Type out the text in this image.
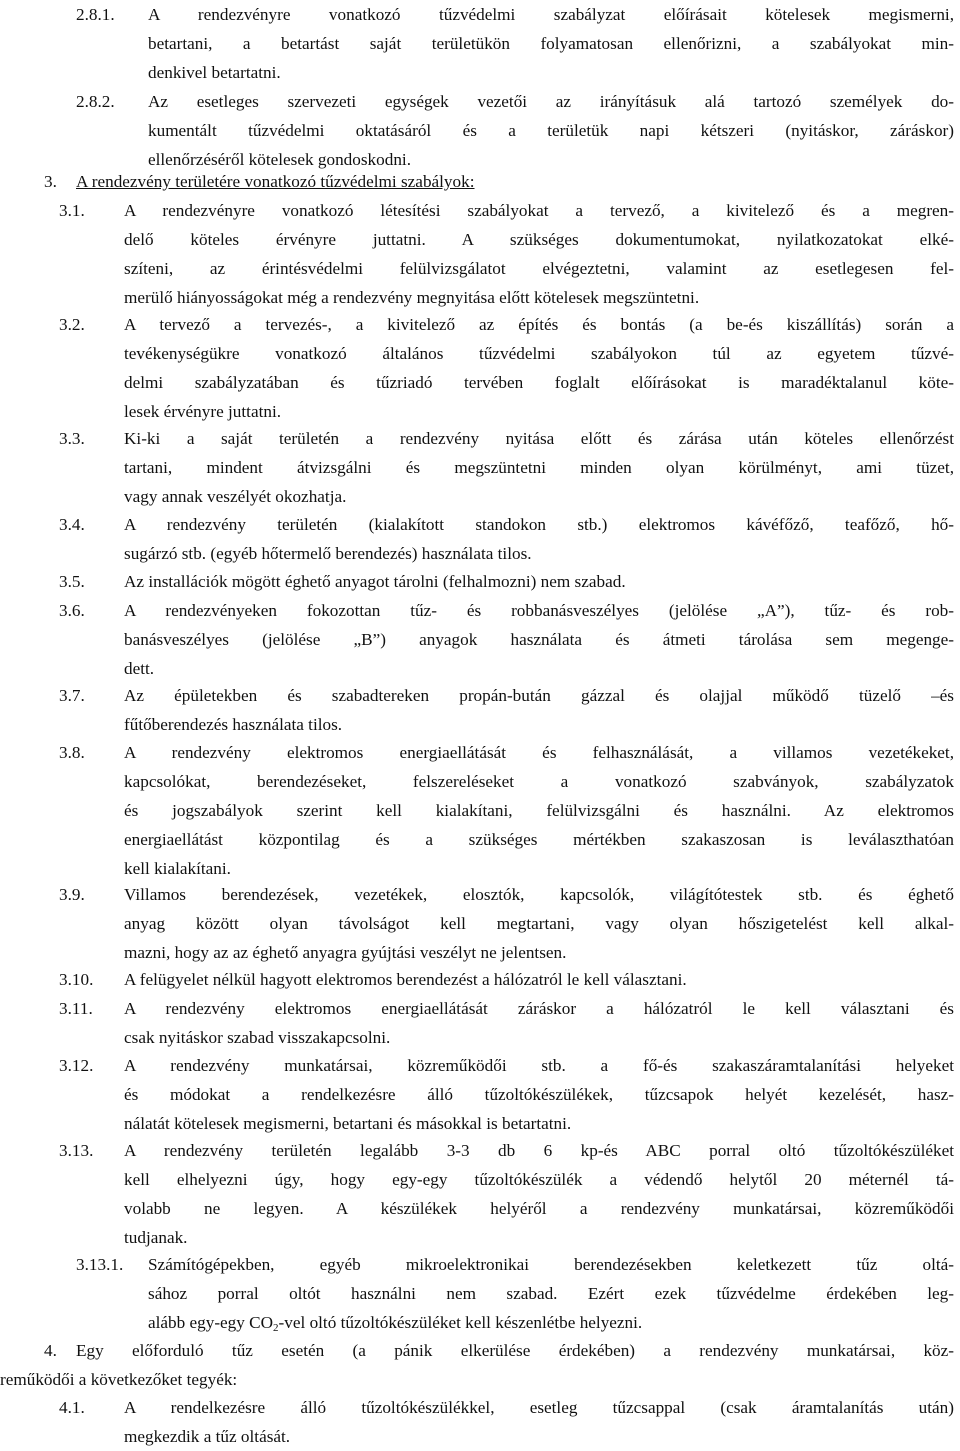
2.8.1. A rendezvényre vonatkozó tűzvédelmi szabályzat előírásait kötelesek megismerni,
betartani, a betartást saját területükön folyamatosan ellenőrizni, a szabályokat min-
denkivel betartatni.
2.8.2. Az esetleges szervezeti egységek vezetői az irányításuk alá tartozó személyek do-
kumentált tűzvédelmi oktatásáról és a területük napi kétszeri (nyitáskor, záráskor)
ellenőrzéséről kötelesek gondoskodni.
3. A rendezvény területére vonatkozó tűzvédelmi szabályok:
3.1. A rendezvényre vonatkozó létesítési szabályokat a tervező, a kivitelező és a megren-
delő köteles érvényre juttatni. A szükséges dokumentumokat, nyilatkozatokat elké-
szíteni, az érintésvédelmi felülvizsgálatot elvégeztetni, valamint az esetlegesen fel-
merülő hiányosságokat még a rendezvény megnyitása előtt kötelesek megszüntetni.
3.2. A tervező a tervezés-, a kivitelező az építés és bontás (a be-és kiszállítás) során a
tevékenységükre vonatkozó általános tűzvédelmi szabályokon túl az egyetem tűzvé-
delmi szabályzatában és tűzriadó tervében foglalt előírásokat is maradéktalanul köte-
lesek érvényre juttatni.
3.3. Ki-ki a saját területén a rendezvény nyitása előtt és zárása után köteles ellenőrzést
tartani, mindent átvizsgálni és megszüntetni minden olyan körülményt, ami tüzet,
vagy annak veszélyét okozhatja.
3.4. A rendezvény területén (kialakított standokon stb.) elektromos kávéfőző, teafőző, hő-
sugárzó stb. (egyéb hőtermelő berendezés) használata tilos.
3.5. Az installációk mögött éghető anyagot tárolni (felhalmozni) nem szabad.
3.6. A rendezvényeken fokozottan tűz- és robbanásveszélyes (jelölése „A”), tűz- és rob-
banásveszélyes (jelölése „B”) anyagok használata és átmeti tárolása sem megenge-
dett.
3.7. Az épületekben és szabadtereken propán-bután gázzal és olajjal működő tüzelő –és
fűtőberendezés használata tilos.
3.8. A rendezvény elektromos energiaellátását és felhasználását, a villamos vezetékeket,
kapcsolókat, berendezéseket, felszereléseket a vonatkozó szabványok, szabályzatok
és jogszabályok szerint kell kialakítani, felülvizsgálni és használni. Az elektromos
energiaellátást központilag és a szükséges mértékben szakaszosan is leválaszthatóan
kell kialakítani.
3.9. Villamos berendezések, vezetékek, elosztók, kapcsolók, világítótestek stb. és éghető
anyag között olyan távolságot kell megtartani, vagy olyan hőszigetelést kell alkal-
mazni, hogy az az éghető anyagra gyújtási veszélyt ne jelentsen.
3.10. A felügyelet nélkül hagyott elektromos berendezést a hálózatról le kell választani.
3.11. A rendezvény elektromos energiaellátását záráskor a hálózatról le kell választani és
csak nyitáskor szabad visszakapcsolni.
3.12. A rendezvény munkatársai, közreműködői stb. a fő-és szakaszáramtalanítási helyeket
és módokat a rendelkezésre álló tűzoltókészülékek, tűzcsapok helyét kezelését, hasz-
nálatát kötelesek megismerni, betartani és másokkal is betartatni.
3.13. A rendezvény területén legalább 3-3 db 6 kp-és ABC porral oltó tűzoltókészüléket
kell elhelyezni úgy, hogy egy-egy tűzoltókészülék a védendő helytől 20 méternél tá-
volabb ne legyen. A készülékek helyéről a rendezvény munkatársai, közreműködői
tudjanak.
3.13.1. Számítógépekben, egyéb mikroelektronikai berendezésekben keletkezett tűz oltá-
sához porral oltót használni nem szabad. Ezért ezek tűzvédelme érdekében leg-
alább egy-egy $CO_2$-vel oltó tűzoltókészüléket kell készenlétbe helyezni.
4.	Egy előforduló tűz esetén (a pánik elkerülése érdekében) a rendezvény munkatársai, köz-
reműködői a következőket tegyék:
4.1. A rendelkezésre álló tűzoltókészülékkel, esetleg tűzcsappal (csak áramtalanítás után)
megkezdik a tűz oltását.
